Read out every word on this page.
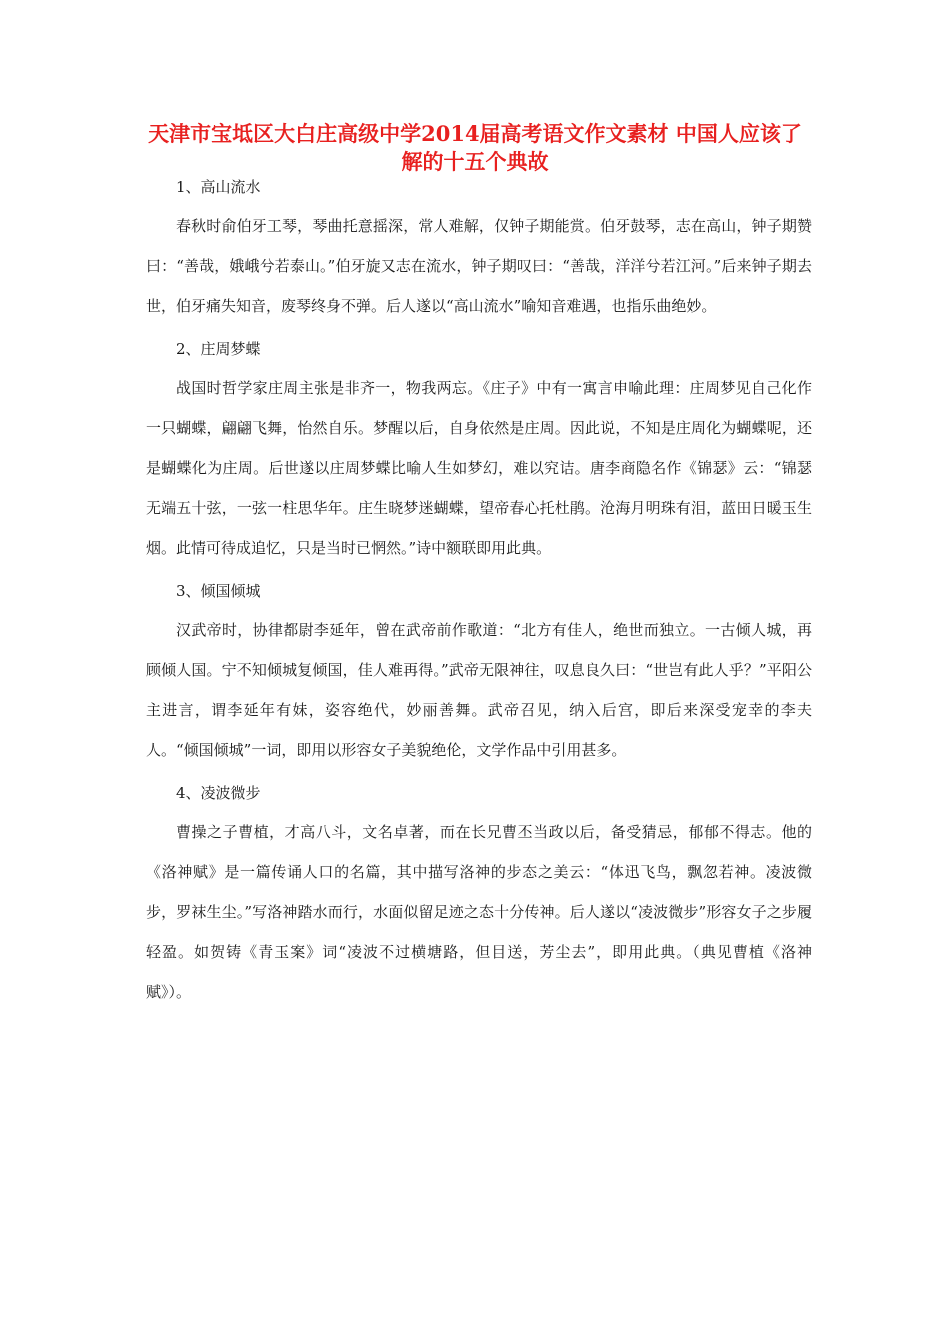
天津市宝坻区大白庄高级中学2014届高考语文作文素材 中国人应该了解的十五个典故

1、高山流水

春秋时俞伯牙工琴，琴曲托意摇深，常人难解，仅钟子期能赏。伯牙鼓琴，志在高山，钟子期赞曰：“善哉，娥峨兮若泰山。”伯牙旋又志在流水，钟子期叹曰：“善哉，洋洋兮若江河。”后来钟子期去世，伯牙痛失知音，废琴终身不弹。后人遂以“高山流水”喻知音难遇，也指乐曲绝妙。

2、庄周梦蝶

战国时哲学家庄周主张是非齐一，物我两忘。《庄子》中有一寓言申喻此理：庄周梦见自己化作一只蝴蝶，翩翩飞舞，怡然自乐。梦醒以后，自身依然是庄周。因此说，不知是庄周化为蝴蝶呢，还是蝴蝶化为庄周。后世遂以庄周梦蝶比喻人生如梦幻，难以究诘。唐李商隐名作《锦瑟》云：“锦瑟无端五十弦，一弦一柱思华年。庄生晓梦迷蝴蝶，望帝春心托杜鹃。沧海月明珠有泪，蓝田日暖玉生烟。此情可待成追忆，只是当时已惘然。”诗中额联即用此典。

3、倾国倾城

汉武帝时，协律都尉李延年，曾在武帝前作歌道：“北方有佳人，绝世而独立。一古倾人城，再顾倾人国。宁不知倾城复倾国，佳人难再得。”武帝无限神往，叹息良久曰：“世岂有此人乎？”平阳公主进言，谓李延年有妹，姿容绝代，妙丽善舞。武帝召见，纳入后宫，即后来深受宠幸的李夫人。“倾国倾城”一词，即用以形容女子美貌绝伦，文学作品中引用甚多。

4、凌波微步

曹操之子曹植，才高八斗，文名卓著，而在长兄曹丕当政以后，备受猜忌，郁郁不得志。他的《洛神赋》是一篇传诵人口的名篇，其中描写洛神的步态之美云：“体迅飞鸟，飘忽若神。凌波微步，罗袜生尘。”写洛神踏水而行，水面似留足迹之态十分传神。后人遂以“凌波微步”形容女子之步履轻盈。如贺铸《青玉案》词“凌波不过横塘路，但目送，芳尘去”，即用此典。（典见曹植《洛神赋》）。
